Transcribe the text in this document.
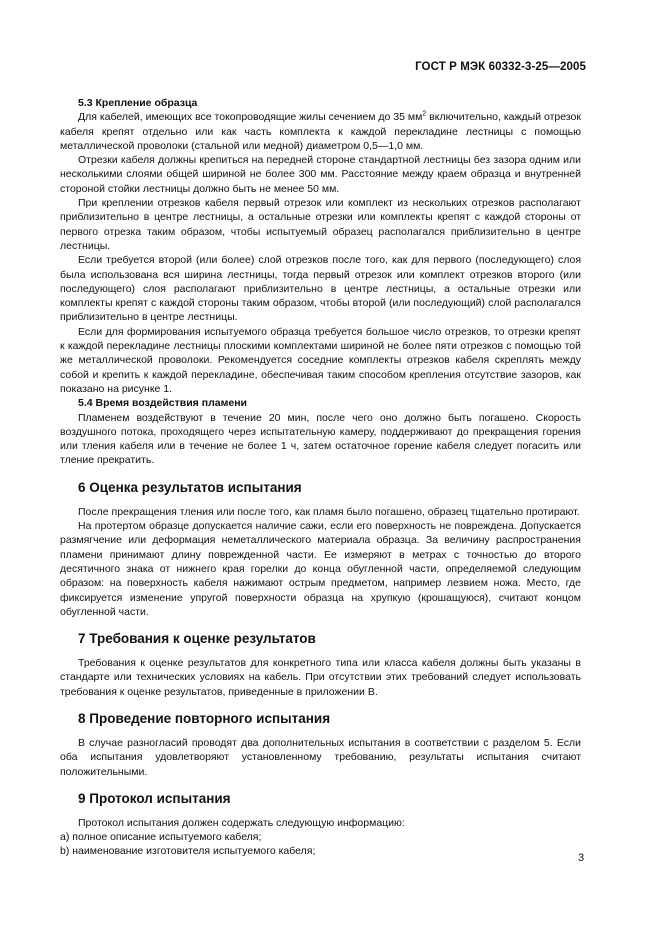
ГОСТ Р МЭК 60332-3-25—2005
5.3 Крепление образца

Для кабелей, имеющих все токопроводящие жилы сечением до 35 $мм^2$ включительно, каждый отрезок кабеля крепят отдельно или как часть комплекта к каждой перекладине лестницы с помощью металлической проволоки (стальной или медной) диаметром 0,5—1,0 мм.

Отрезки кабеля должны крепиться на передней стороне стандартной лестницы без зазора одним или несколькими слоями общей шириной не более 300 мм. Расстояние между краем образца и внутренней стороной стойки лестницы должно быть не менее 50 мм.

При креплении отрезков кабеля первый отрезок или комплект из нескольких отрезков располагают приблизительно в центре лестницы, а остальные отрезки или комплекты крепят с каждой стороны от первого отрезка таким образом, чтобы испытуемый образец располагался приблизительно в центре лестницы.

Если требуется второй (или более) слой отрезков после того, как для первого (последующего) слоя была использована вся ширина лестницы, тогда первый отрезок или комплект отрезков второго (или последующего) слоя располагают приблизительно в центре лестницы, а остальные отрезки или комплекты крепят с каждой стороны таким образом, чтобы второй (или последующий) слой располагался приблизительно в центре лестницы.

Если для формирования испытуемого образца требуется большое число отрезков, то отрезки крепят к каждой перекладине лестницы плоскими комплектами шириной не более пяти отрезков с помощью той же металлической проволоки. Рекомендуется соседние комплекты отрезков кабеля скреплять между собой и крепить к каждой перекладине, обеспечивая таким способом крепления отсутствие зазоров, как показано на рисунке 1.

5.4 Время воздействия пламени

Пламенем воздействуют в течение 20 мин, после чего оно должно быть погашено. Скорость воздушного потока, проходящего через испытательную камеру, поддерживают до прекращения горения или тления кабеля или в течение не более 1 ч, затем остаточное горение кабеля следует погасить или тление прекратить.

6 Оценка результатов испытания

После прекращения тления или после того, как пламя было погашено, образец тщательно протирают.

На протертом образце допускается наличие сажи, если его поверхность не повреждена. Допускается размягчение или деформация неметаллического материала образца. За величину распространения пламени принимают длину поврежденной части. Ее измеряют в метрах с точностью до второго десятичного знака от нижнего края горелки до конца обугленной части, определяемой следующим образом: на поверхность кабеля нажимают острым предметом, например лезвием ножа. Место, где фиксируется изменение упругой поверхности образца на хрупкую (крошащуюся), считают концом обугленной части.

7 Требования к оценке результатов

Требования к оценке результатов для конкретного типа или класса кабеля должны быть указаны в стандарте или технических условиях на кабель. При отсутствии этих требований следует использовать требования к оценке результатов, приведенные в приложении В.

8 Проведение повторного испытания

В случае разногласий проводят два дополнительных испытания в соответствии с разделом 5. Если оба испытания удовлетворяют установленному требованию, результаты испытания считают положительными.

9 Протокол испытания

Протокол испытания должен содержать следующую информацию:

a) полное описание испытуемого кабеля;

b) наименование изготовителя испытуемого кабеля;

3
